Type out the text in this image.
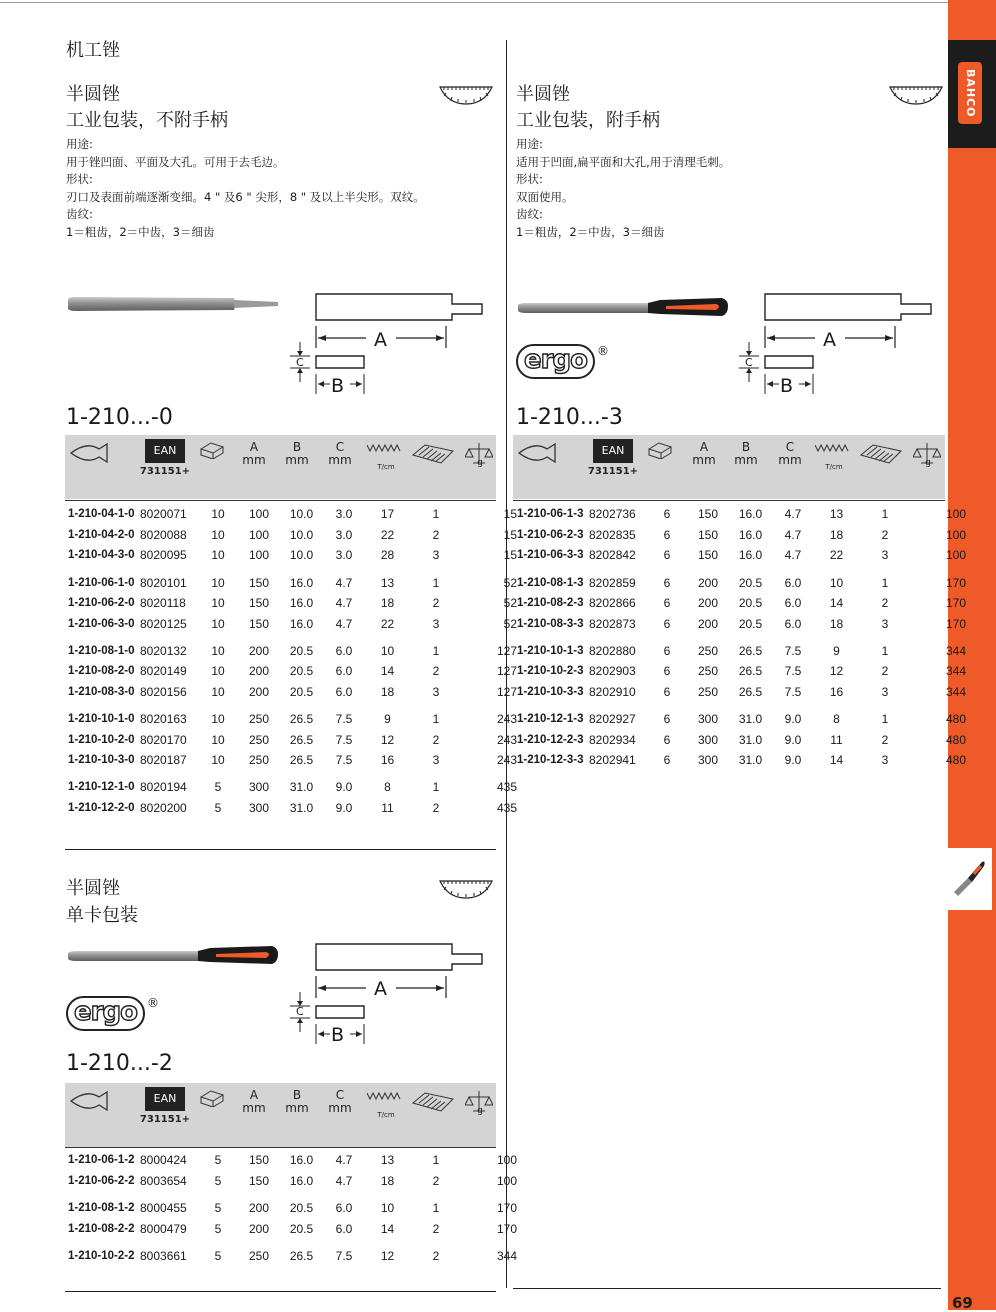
BAHCO
69
机工锉
半圆锉
工业包装，不附手柄
用途:
用于锉凹面、平面及大孔。可用于去毛边。
形状:
刃口及表面前端逐渐变细。4 " 及6 " 尖形，8 " 及以上半尖形。双纹。
齿纹:
1＝粗齿，2＝中齿，3＝细齿
A
C
B
1-210...-0
EAN
731151+
A
mm
B
mm
C
mm	T/cm	g
1-210-04-1-0	8020071	10	100	10.0	3.0	17	1	15
1-210-04-2-0	8020088	10	100	10.0	3.0	22	2	15
1-210-04-3-0	8020095	10	100	10.0	3.0	28	3	15

1-210-06-1-0	8020101	10	150	16.0	4.7	13	1	52
1-210-06-2-0	8020118	10	150	16.0	4.7	18	2	52
1-210-06-3-0	8020125	10	150	16.0	4.7	22	3	52

1-210-08-1-0	8020132	10	200	20.5	6.0	10	1	127
1-210-08-2-0	8020149	10	200	20.5	6.0	14	2	127
1-210-08-3-0	8020156	10	200	20.5	6.0	18	3	127

1-210-10-1-0	8020163	10	250	26.5	7.5	9	1	243
1-210-10-2-0	8020170	10	250	26.5	7.5	12	2	243
1-210-10-3-0	8020187	10	250	26.5	7.5	16	3	243

1-210-12-1-0	8020194	5	300	31.0	9.0	8	1	435
1-210-12-2-0	8020200	5	300	31.0	9.0	11	2	435
半圆锉
工业包装，附手柄
用途:
适用于凹面,扁平面和大孔,用于清理毛刺。
形状:
双面使用。
齿纹:
1＝粗齿，2＝中齿，3＝细齿
ergo ®	A
C
B
1-210...-3
EAN
731151+
A
mm
B
mm
C
mm	T/cm	g
1-210-06-1-3	8202736	6	150	16.0	4.7	13	1	100
1-210-06-2-3	8202835	6	150	16.0	4.7	18	2	100
1-210-06-3-3	8202842	6	150	16.0	4.7	22	3	100

1-210-08-1-3	8202859	6	200	20.5	6.0	10	1	170
1-210-08-2-3	8202866	6	200	20.5	6.0	14	2	170
1-210-08-3-3	8202873	6	200	20.5	6.0	18	3	170

1-210-10-1-3	8202880	6	250	26.5	7.5	9	1	344
1-210-10-2-3	8202903	6	250	26.5	7.5	12	2	344
1-210-10-3-3	8202910	6	250	26.5	7.5	16	3	344

1-210-12-1-3	8202927	6	300	31.0	9.0	8	1	480
1-210-12-2-3	8202934	6	300	31.0	9.0	11	2	480
1-210-12-3-3	8202941	6	300	31.0	9.0	14	3	480
半圆锉
单卡包装
ergo ®
A
C
B
1-210...-2
EAN
731151+
A
mm
B
mm
C
mm	T/cm	g
1-210-06-1-2	8000424	5	150	16.0	4.7	13	1	100
1-210-06-2-2	8003654	5	150	16.0	4.7	18	2	100

1-210-08-1-2	8000455	5	200	20.5	6.0	10	1	170
1-210-08-2-2	8000479	5	200	20.5	6.0	14	2	170

1-210-10-2-2	8003661	5	250	26.5	7.5	12	2	344
